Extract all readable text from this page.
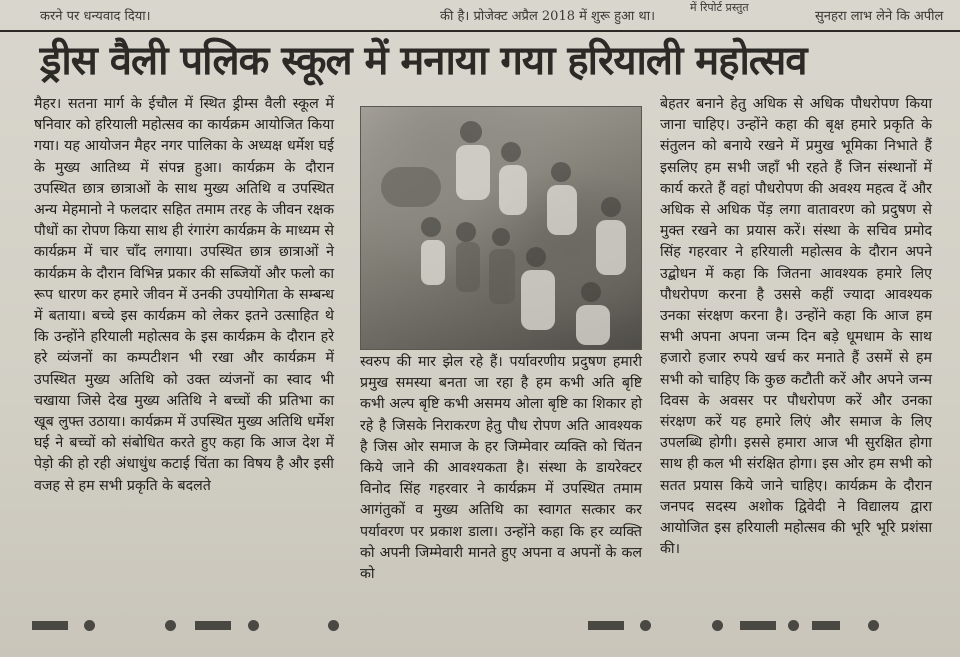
करने पर धन्यवाद दिया।	की है। प्रोजेक्ट अप्रैल 2018 में शुरू हुआ था।
में रिपोर्ट प्रस्तुत
सुनहरा लाभ लेने कि अपील
ड्रीस वैली पलिक स्कूल में मनाया गया हरियाली महोत्सव

मैहर। सतना मार्ग के ईचौल में स्थित ड्रीम्स वैली स्कूल में षनिवार को हरियाली महोत्सव का कार्यक्रम आयोजित किया गया। यह आयोजन मैहर नगर पालिका के अध्यक्ष धर्मेश घई के मुख्य आतिथ्य में संपन्न हुआ। कार्यक्रम के दौरान उपस्थित छात्र छात्राओं के साथ मुख्य अतिथि व उपस्थित अन्य मेहमानो ने फलदार सहित तमाम तरह के जीवन रक्षक पौधों का रोपण किया साथ ही रंगारंग कार्यक्रम के माध्यम से कार्यक्रम में चार चाँद लगाया। उपस्थित छात्र छात्राओं ने कार्यक्रम के दौरान विभिन्न प्रकार की सब्जियों और फलो का रूप धारण कर हमारे जीवन में उनकी उपयोगिता के सम्बन्ध में बताया। बच्चे इस कार्यक्रम को लेकर इतने उत्साहित थे कि उन्होंने हरियाली महोत्सव के इस कार्यक्रम के दौरान हरे हरे व्यंजनों का कम्पटीशन भी रखा और कार्यक्रम में उपस्थित मुख्य अतिथि को उक्त व्यंजनों का स्वाद भी चखाया जिसे देख मुख्य अतिथि ने बच्चों की प्रतिभा का खूब लुफ्त उठाया। कार्यक्रम में उपस्थित मुख्य अतिथि धर्मेश घई ने बच्चों को संबोधित करते हुए कहा कि आज देश में पेड़ो की हो रही अंधाधुंध कटाई चिंता का विषय है और इसी वजह से हम सभी प्रकृति के बदलते

स्वरुप की मार झेल रहे हैं। पर्यावरणीय प्रदुषण हमारी प्रमुख समस्या बनता जा रहा है हम कभी अति बृष्टि कभी अल्प बृष्टि कभी असमय ओला बृष्टि का शिकार हो रहे है जिसके निराकरण हेतु पौध रोपण अति आवश्यक है जिस ओर समाज के हर जिम्मेवार व्यक्ति को चिंतन किये जाने की आवश्यकता है। संस्था के डायरेक्टर विनोद सिंह गहरवार ने कार्यक्रम में उपस्थित तमाम आगंतुकों व मुख्य अतिथि का स्वागत सत्कार कर पर्यावरण पर प्रकाश डाला। उन्होंने कहा कि हर व्यक्ति को अपनी जिम्मेवारी मानते हुए अपना व अपनों के कल को

बेहतर बनाने हेतु अधिक से अधिक पौधरोपण किया जाना चाहिए। उन्होंने कहा की बृक्ष हमारे प्रकृति के संतुलन को बनाये रखने में प्रमुख भूमिका निभाते हैं इसलिए हम सभी जहाँ भी रहते हैं जिन संस्थानों में कार्य करते हैं वहां पौधरोपण की अवश्य महत्व दें और अधिक से अधिक पेंड़ लगा वातावरण को प्रदुषण से मुक्त रखने का प्रयास करें। संस्था के सचिव प्रमोद सिंह गहरवार ने हरियाली महोत्सव के दौरान अपने उद्बोधन में कहा कि जितना आवश्यक हमारे लिए पौधरोपण करना है उससे कहीं ज्यादा आवश्यक उनका संरक्षण करना है। उन्होंने कहा कि आज हम सभी अपना अपना जन्म दिन बड़े धूमधाम के साथ हजारो हजार रुपये खर्च कर मनाते हैं उसमें से हम सभी को चाहिए कि कुछ कटौती करें और अपने जन्म दिवस के अवसर पर पौधरोपण करें और उनका संरक्षण करें यह हमारे लिएं और समाज के लिए उपलब्धि होगी। इससे हमारा आज भी सुरक्षित होगा साथ ही कल भी संरक्षित होगा। इस ओर हम सभी को सतत प्रयास किये जाने चाहिए। कार्यक्रम के दौरान जनपद सदस्य अशोक द्विवेदी ने विद्यालय द्वारा आयोजित इस हरियाली महोत्सव की भूरि भूरि प्रशंसा की।
